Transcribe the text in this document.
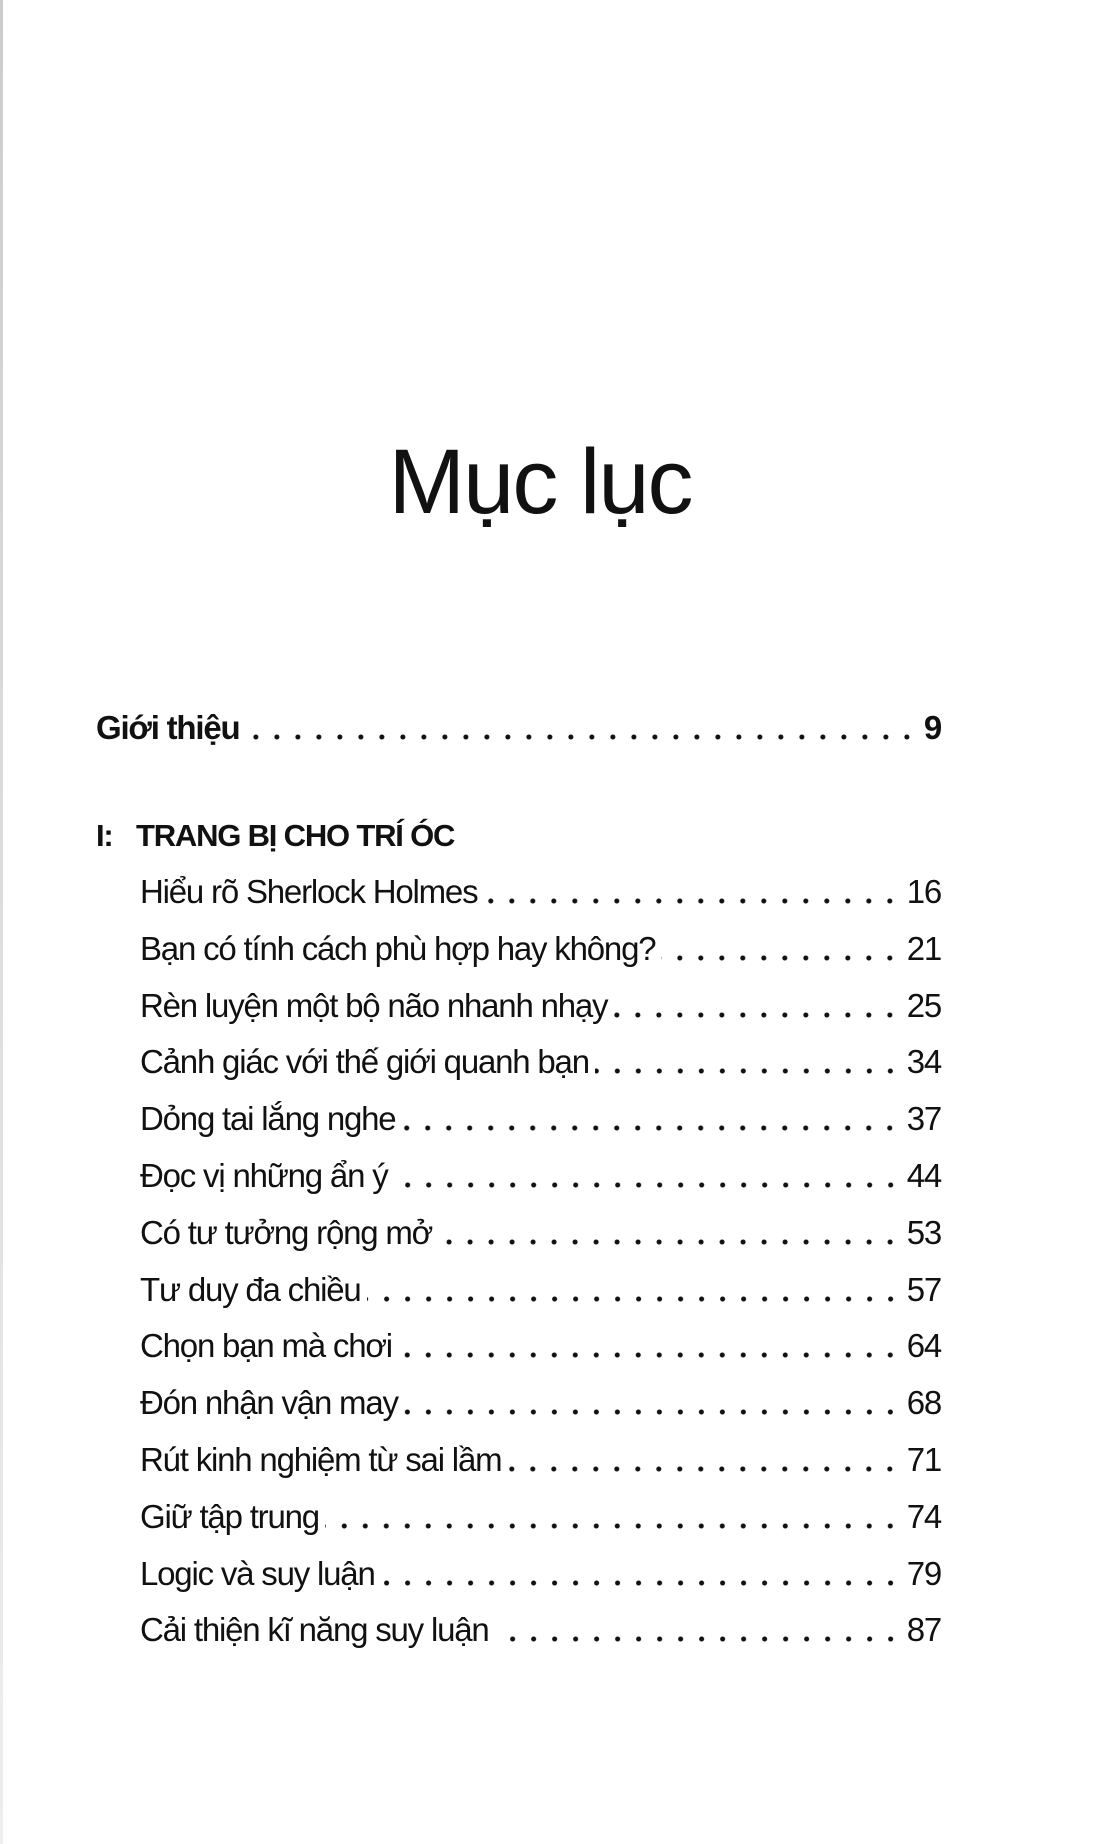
Mục lục
Giới thiệu	9
I: TRANG BỊ CHO TRÍ ÓC
Hiểu rõ Sherlock Holmes	16
Bạn có tính cách phù hợp hay không?	21
Rèn luyện một bộ não nhanh nhạy	25
Cảnh giác với thế giới quanh bạn	34
Dỏng tai lắng nghe	37
Đọc vị những ẩn ý	44
Có tư tưởng rộng mở	53
Tư duy đa chiều	57
Chọn bạn mà chơi	64
Đón nhận vận may	68
Rút kinh nghiệm từ sai lầm	71
Giữ tập trung	74
Logic và suy luận	79
Cải thiện kĩ năng suy luận	87
